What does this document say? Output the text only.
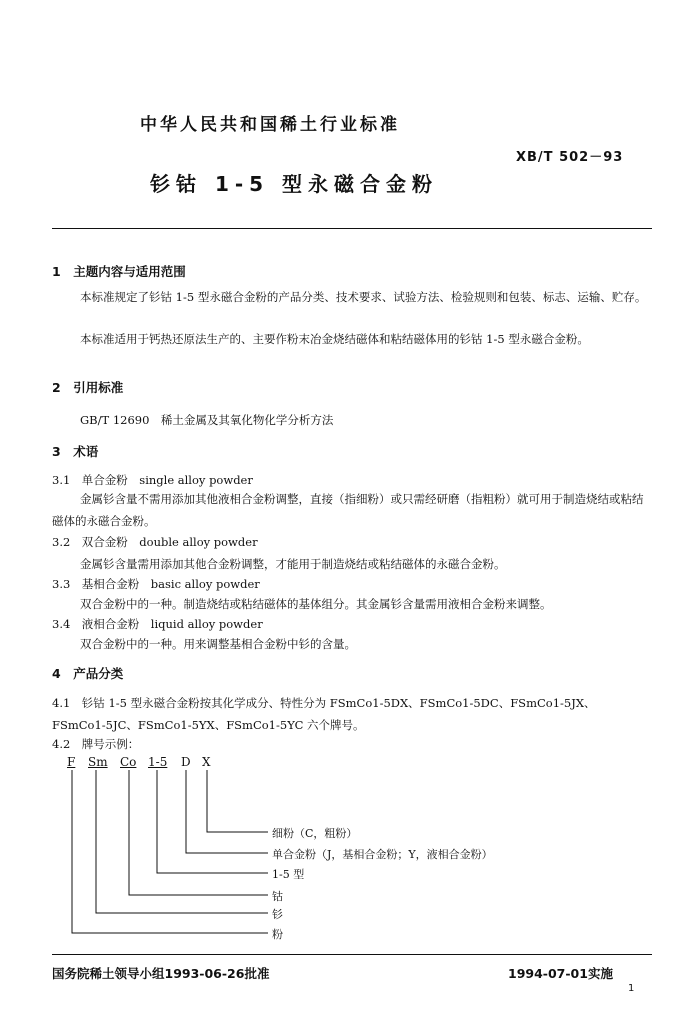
中华人民共和国稀土行业标准
XB/T 502－93
钐钴 1-5 型永磁合金粉
1　主题内容与适用范围
本标准规定了钐钴 1-5 型永磁合金粉的产品分类、技术要求、试验方法、检验规则和包装、标志、运输、贮存。
本标准适用于钙热还原法生产的、主要作粉末冶金烧结磁体和粘结磁体用的钐钴 1-5 型永磁合金粉。
2　引用标准
GB/T 12690　稀土金属及其氧化物化学分析方法
3　术语
3.1　单合金粉　single alloy powder
金属钐含量不需用添加其他液相合金粉调整，直接（指细粉）或只需经研磨（指粗粉）就可用于制造烧结或粘结磁体的永磁合金粉。
3.2　双合金粉　double alloy powder
金属钐含量需用添加其他合金粉调整，才能用于制造烧结或粘结磁体的永磁合金粉。
3.3　基相合金粉　basic alloy powder
双合金粉中的一种。制造烧结或粘结磁体的基体组分。其金属钐含量需用液相合金粉来调整。
3.4　液相合金粉　liquid alloy powder
双合金粉中的一种。用来调整基相合金粉中钐的含量。
4　产品分类
4.1　钐钴 1-5 型永磁合金粉按其化学成分、特性分为 FSmCo1-5DX、FSmCo1-5DC、FSmCo1-5JX、FSmCo1-5JC、FSmCo1-5YX、FSmCo1-5YC 六个牌号。
4.2　牌号示例：
F Sm Co 1-5 D X
细粉（C，粗粉）
单合金粉（J，基相合金粉；Y，液相合金粉）
1-5 型
钴
钐
粉
国务院稀土领导小组1993-06-26批准	1994-07-01实施
1
